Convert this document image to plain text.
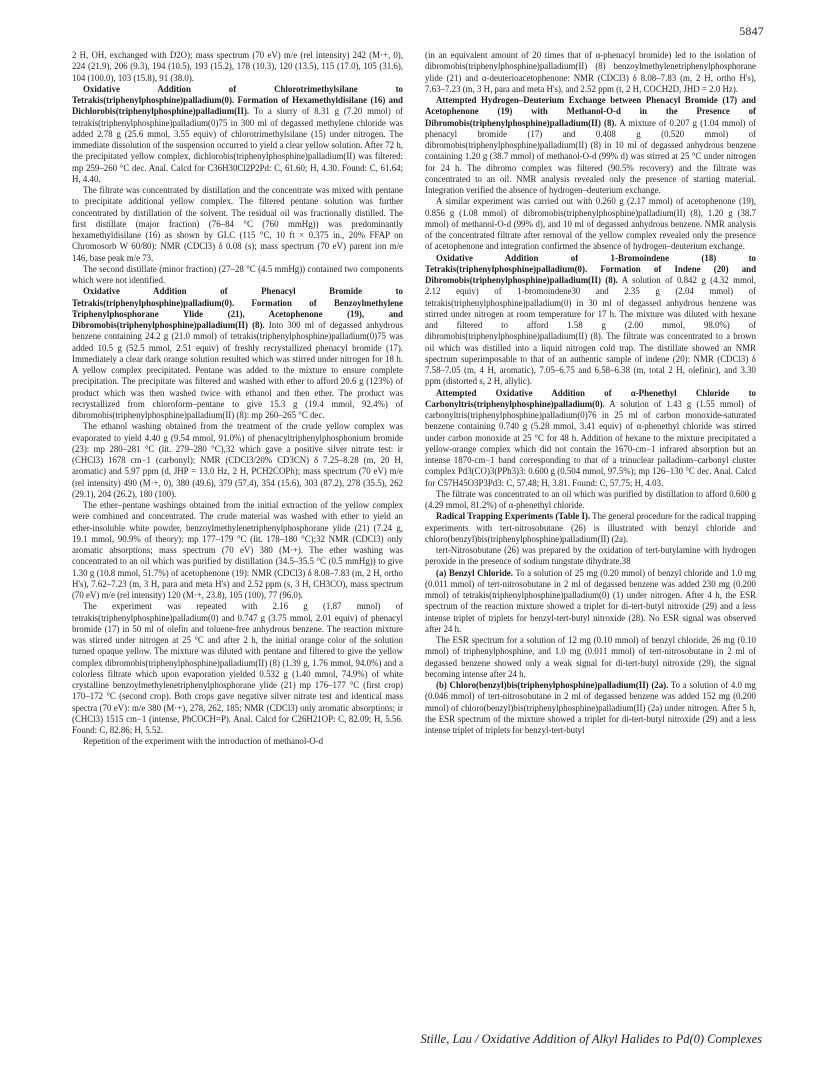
5847

2 H, OH, exchanged with D2O); mass spectrum (70 eV) m/e (rel intensity) 242 (M·+, 0), 224 (21.9), 206 (9.3), 194 (10.5), 193 (15.2), 178 (10.3), 120 (13.5), 115 (17.0), 105 (31.6), 104 (100.0), 103 (15.8), 91 (38.0).

Oxidative Addition of Chlorotrimethylsilane to Tetrakis(triphenylphosphine)palladium(0). Formation of Hexamethyldisilane (16) and Dichlorobis(triphenylphosphine)palladium(II). To a slurry of 8.31 g (7.20 mmol) of tetrakis(triphenylphosphine)palladium(0)75 in 300 ml of degassed methylene chloride was added 2.78 g (25.6 mmol, 3.55 equiv) of chlorotrimethylsilane (15) under nitrogen. The immediate dissolution of the suspension occurred to yield a clear yellow solution. After 72 h, the precipitated yellow complex, dichlorobis(triphenylphosphine)palladium(II) was filtered: mp 259–260 °C dec. Anal. Calcd for C36H30Cl2P2Pd: C, 61.60; H, 4.30. Found: C, 61.64; H, 4.40.

The filtrate was concentrated by distillation and the concentrate was mixed with pentane to precipitate additional yellow complex. The filtered pentane solution was further concentrated by distillation of the solvent. The residual oil was fractionally distilled. The first distillate (major fraction) (76–84 °C (760 mmHg)) was predominantly hexamethyldisilane (16) as shown by GLC (115 °C, 10 ft × 0.375 in., 20% FFAP on Chromosorb W 60/80): NMR (CDCl3) δ 0.08 (s); mass spectrum (70 eV) parent ion m/e 146, base peak m/e 73.

The second distillate (minor fraction) (27–28 °C (4.5 mmHg)) contained two components which were not identified.

Oxidative Addition of Phenacyl Bromide to Tetrakis(triphenylphosphine)palladium(0). Formation of Benzoylmethylene Triphenylphosphorane Ylide (21), Acetophenone (19), and Dibromobis(triphenylphosphine)palladium(II) (8). Into 300 ml of degassed anhydrous benzene containing 24.2 g (21.0 mmol) of tetrakis(triphenylphosphine)palladium(0)75 was added 10.5 g (52.5 mmol, 2.51 equiv) of freshly recrystallized phenacyl bromide (17). Immediately a clear dark orange solution resulted which was stirred under nitrogen for 18 h. A yellow complex precipitated. Pentane was added to the mixture to ensure complete precipitation. The precipitate was filtered and washed with ether to afford 20.6 g (123%) of product which was then washed twice with ethanol and then ether. The product was recrystallized from chloroform–pentane to give 15.3 g (19.4 mmol, 92.4%) of dibromobis(triphenylphosphine)palladium(II) (8): mp 260–265 °C dec.

The ethanol washing obtained from the treatment of the crude yellow complex was evaporated to yield 4.40 g (9.54 mmol, 91.0%) of phenacyltriphenylphosphonium bromide (23): mp 280–281 °C (lit. 279–280 °C),32 which gave a positive silver nitrate test: ir (CHCl3) 1678 cm−1 (carbonyl); NMR (CDCl3/20% CD3CN) δ 7.25–8.28 (m, 20 H, aromatic) and 5.97 ppm (d, JHP = 13.0 Hz, 2 H, PCH2COPh); mass spectrum (70 eV) m/e (rel intensity) 490 (M·+, 0), 380 (49.6), 379 (57.4), 354 (15.6), 303 (87.2), 278 (35.5), 262 (29.1), 204 (26.2), 180 (100).

The ether–pentane washings obtained from the initial extraction of the yellow complex were combined and concentrated. The crude material was washed with ether to yield an ether-insoluble white powder, benzoylmethylenetriphenylphosphorane ylide (21) (7.24 g, 19.1 mmol, 90.9% of theory): mp 177–179 °C (lit. 178–180 °C);32 NMR (CDCl3) only aromatic absorptions; mass spectrum (70 eV) 380 (M·+). The ether washing was concentrated to an oil which was purified by distillation (34.5–35.5 °C (0.5 mmHg)) to give 1.30 g (10.8 mmol, 51.7%) of acetophenone (19): NMR (CDCl3) δ 8.08–7.83 (m, 2 H, ortho H's), 7.62–7.23 (m, 3 H, para and meta H's) and 2.52 ppm (s, 3 H, CH3CO), mass spectrum (70 eV) m/e (rel intensity) 120 (M·+, 23.8), 105 (100), 77 (96.0).

The experiment was repeated with 2.16 g (1.87 mmol) of tetrakis(triphenylphosphine)palladium(0) and 0.747 g (3.75 mmol, 2.01 equiv) of phenacyl bromide (17) in 50 ml of olefin and toluene-free anhydrous benzene. The reaction mixture was stirred under nitrogen at 25 °C and after 2 h, the initial orange color of the solution turned opaque yellow. The mixture was diluted with pentane and filtered to give the yellow complex dibromobis(triphenylphosphine)palladium(II) (8) (1.39 g, 1.76 mmol, 94.0%) and a colorless filtrate which upon evaporation yielded 0.532 g (1.40 mmol, 74.9%) of white crystalline benzoylmethylenetriphenylphosphorane ylide (21) mp 176–177 °C (first crop) 170–172 °C (second crop). Both crops gave negative silver nitrate test and identical mass spectra (70 eV): m/e 380 (M·+), 278, 262, 185; NMR (CDCl3) only aromatic absorptions; ir (CHCl3) 1515 cm−1 (intense, PhCOCH=P). Anal. Calcd for C26H21OP: C, 82.09; H, 5.56. Found: C, 82.86; H, 5.52.

Repetition of the experiment with the introduction of methanol-O-d

(in an equivalent amount of 20 times that of α-phenacyl bromide) led to the isolation of dibromobis(triphenylphosphine)palladium(II) (8) benzoylmethylenetriphenylphosphorane ylide (21) and α-deuterioacetophenone: NMR (CDCl3) δ 8.08–7.83 (m, 2 H, ortho H's), 7.63–7.23 (m, 3 H, para and meta H's), and 2.52 ppm (t, 2 H, COCH2D, JHD = 2.0 Hz).

Attempted Hydrogen–Deuterium Exchange between Phenacyl Bromide (17) and Acetophenone (19) with Methanol-O-d in the Presence of Dibromobis(triphenylphosphine)palladium(II) (8). A mixture of 0.207 g (1.04 mmol) of phenacyl bromide (17) and 0.408 g (0.520 mmol) of dibromobis(triphenylphosphine)palladium(II) (8) in 10 ml of degassed anhydrous benzene containing 1.20 g (38.7 mmol) of methanol-O-d (99% d) was stirred at 25 °C under nitrogen for 24 h. The dibromo complex was filtered (90.5% recovery) and the filtrate was concentrated to an oil. NMR analysis revealed only the presence of starting material. Integration verified the absence of hydrogen–deuterium exchange.

A similar experiment was carried out with 0.260 g (2.17 mmol) of acetophenone (19), 0.856 g (1.08 mmol) of dibromobis(triphenylphosphine)palladium(II) (8), 1.20 g (38.7 mmol) of methanol-O-d (99% d), and 10 ml of degassed anhydrous benzene. NMR analysis of the concentrated filtrate after removal of the yellow complex revealed only the presence of acetophenone and integration confirmed the absence of hydrogen–deuterium exchange.

Oxidative Addition of 1-Bromoindene (18) to Tetrakis(triphenylphosphine)palladium(0). Formation of Indene (20) and Dibromobis(triphenylphosphine)palladium(II) (8). A solution of 0.842 g (4.32 mmol, 2.12 equiv) of 1-bromoindene30 and 2.35 g (2.04 mmol) of tetrakis(triphenylphosphine)palladium(0) in 30 ml of degassed anhydrous benzene was stirred under nitrogen at room temperature for 17 h. The mixture was diluted with hexane and filtered to afford 1.58 g (2.00 mmol, 98.0%) of dibromobis(triphenylphosphine)palladium(II) (8). The filtrate was concentrated to a brown oil which was distilled into a liquid nitrogen cold trap. The distillate showed an NMR spectrum superimposable to that of an authentic sample of indene (20): NMR (CDCl3) δ 7.58–7.05 (m, 4 H, aromatic), 7.05–6.75 and 6.58–6.38 (m, total 2 H, olefinic), and 3.30 ppm (distorted s, 2 H, allylic).

Attempted Oxidative Addition of α-Phenethyl Chloride to Carbonyltris(triphenylphosphine)palladium(0). A solution of 1.43 g (1.55 mmol) of carbonyltris(triphenylphosphine)palladium(0)76 in 25 ml of carbon monoxide-saturated benzene containing 0.740 g (5.28 mmol, 3.41 equiv) of α-phenethyl chloride was stirred under carbon monoxide at 25 °C for 48 h. Addition of hexane to the mixture precipitated a yellow-orange complex which did not contain the 1670-cm−1 infrared absorption but an intense 1870-cm−1 band corresponding to that of a trinuclear palladium–carbonyl cluster complex Pd3(CO)3(PPh3)3: 0.600 g (0.504 mmol, 97.5%); mp 126–130 °C dec. Anal. Calcd for C57H45O3P3Pd3: C, 57.48; H, 3.81. Found: C, 57.75; H, 4.03.

The filtrate was concentrated to an oil which was purified by distillation to afford 0.600 g (4.29 mmol, 81.2%) of α-phenethyl chloride.

Radical Trapping Experiments (Table I). The general procedure for the radical trapping experiments with tert-nitrosobutane (26) is illustrated with benzyl chloride and chloro(benzyl)bis(triphenylphosphine)palladium(II) (2a).

tert-Nitrosobutane (26) was prepared by the oxidation of tert-butylamine with hydrogen peroxide in the presence of sodium tungstate dihydrate.38

(a) Benzyl Chloride. To a solution of 25 mg (0.20 mmol) of benzyl chloride and 1.0 mg (0.011 mmol) of tert-nitrosobutane in 2 ml of degassed benzene was added 230 mg (0.200 mmol) of tetrakis(triphenylphosphine)palladium(0) (1) under nitrogen. After 4 h, the ESR spectrum of the reaction mixture showed a triplet for di-tert-butyl nitroxide (29) and a less intense triplet of triplets for benzyl-tert-butyl nitroxide (28). No ESR signal was observed after 24 h.

The ESR spectrum for a solution of 12 mg (0.10 mmol) of benzyl chloride, 26 mg (0.10 mmol) of triphenylphosphine, and 1.0 mg (0.011 mmol) of tert-nitrosobutane in 2 ml of degassed benzene showed only a weak signal for di-tert-butyl nitroxide (29), the signal becoming intense after 24 h.

(b) Chloro(benzyl)bis(triphenylphosphine)palladium(II) (2a). To a solution of 4.0 mg (0.046 mmol) of tert-nitrosobutane in 2 ml of degassed benzene was added 152 mg (0.200 mmol) of chloro(benzyl)bis(triphenylphosphine)palladium(II) (2a) under nitrogen. After 5 h, the ESR spectrum of the mixture showed a triplet for di-tert-butyl nitroxide (29) and a less intense triplet of triplets for benzyl-tert-butyl

Stille, Lau / Oxidative Addition of Alkyl Halides to Pd(0) Complexes
